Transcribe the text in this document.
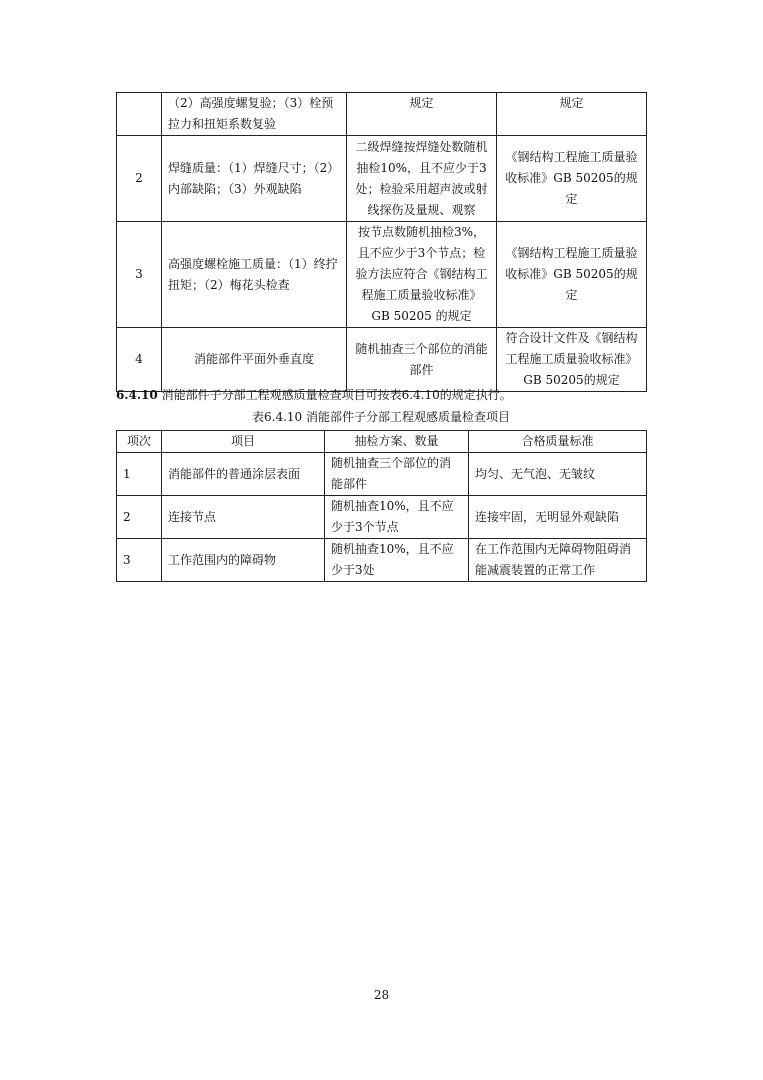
	（2）高强度螺复验；（3）栓预拉力和扭矩系数复验	规定	规定
2	焊缝质量：（1）焊缝尺寸；（2）内部缺陷；（3）外观缺陷	二级焊缝按焊缝处数随机抽检10%，且不应少于3处；检验采用超声波或射线探伤及量规、观察	《钢结构工程施工质量验收标准》GB 50205的规定
3	高强度螺栓施工质量：（1）终拧扭矩；（2）梅花头检查	按节点数随机抽检3%，且不应少于3个节点；检验方法应符合《钢结构工程施工质量验收标准》GB 50205 的规定	《钢结构工程施工质量验收标准》GB 50205的规定
4	消能部件平面外垂直度	随机抽查三个部位的消能部件	符合设计文件及《钢结构工程施工质量验收标准》GB 50205的规定
6.4.10 消能部件子分部工程观感质量检查项目可按表6.4.10的规定执行。
表6.4.10 消能部件子分部工程观感质量检查项目
项次	项目	抽检方案、数量	合格质量标准
1	消能部件的普通涂层表面	随机抽查三个部位的消能部件	均匀、无气泡、无皱纹
2	连接节点	随机抽查10%，且不应少于3个节点	连接牢固，无明显外观缺陷
3	工作范围内的障碍物	随机抽查10%，且不应少于3处	在工作范围内无障碍物阻碍消能减震装置的正常工作
28
